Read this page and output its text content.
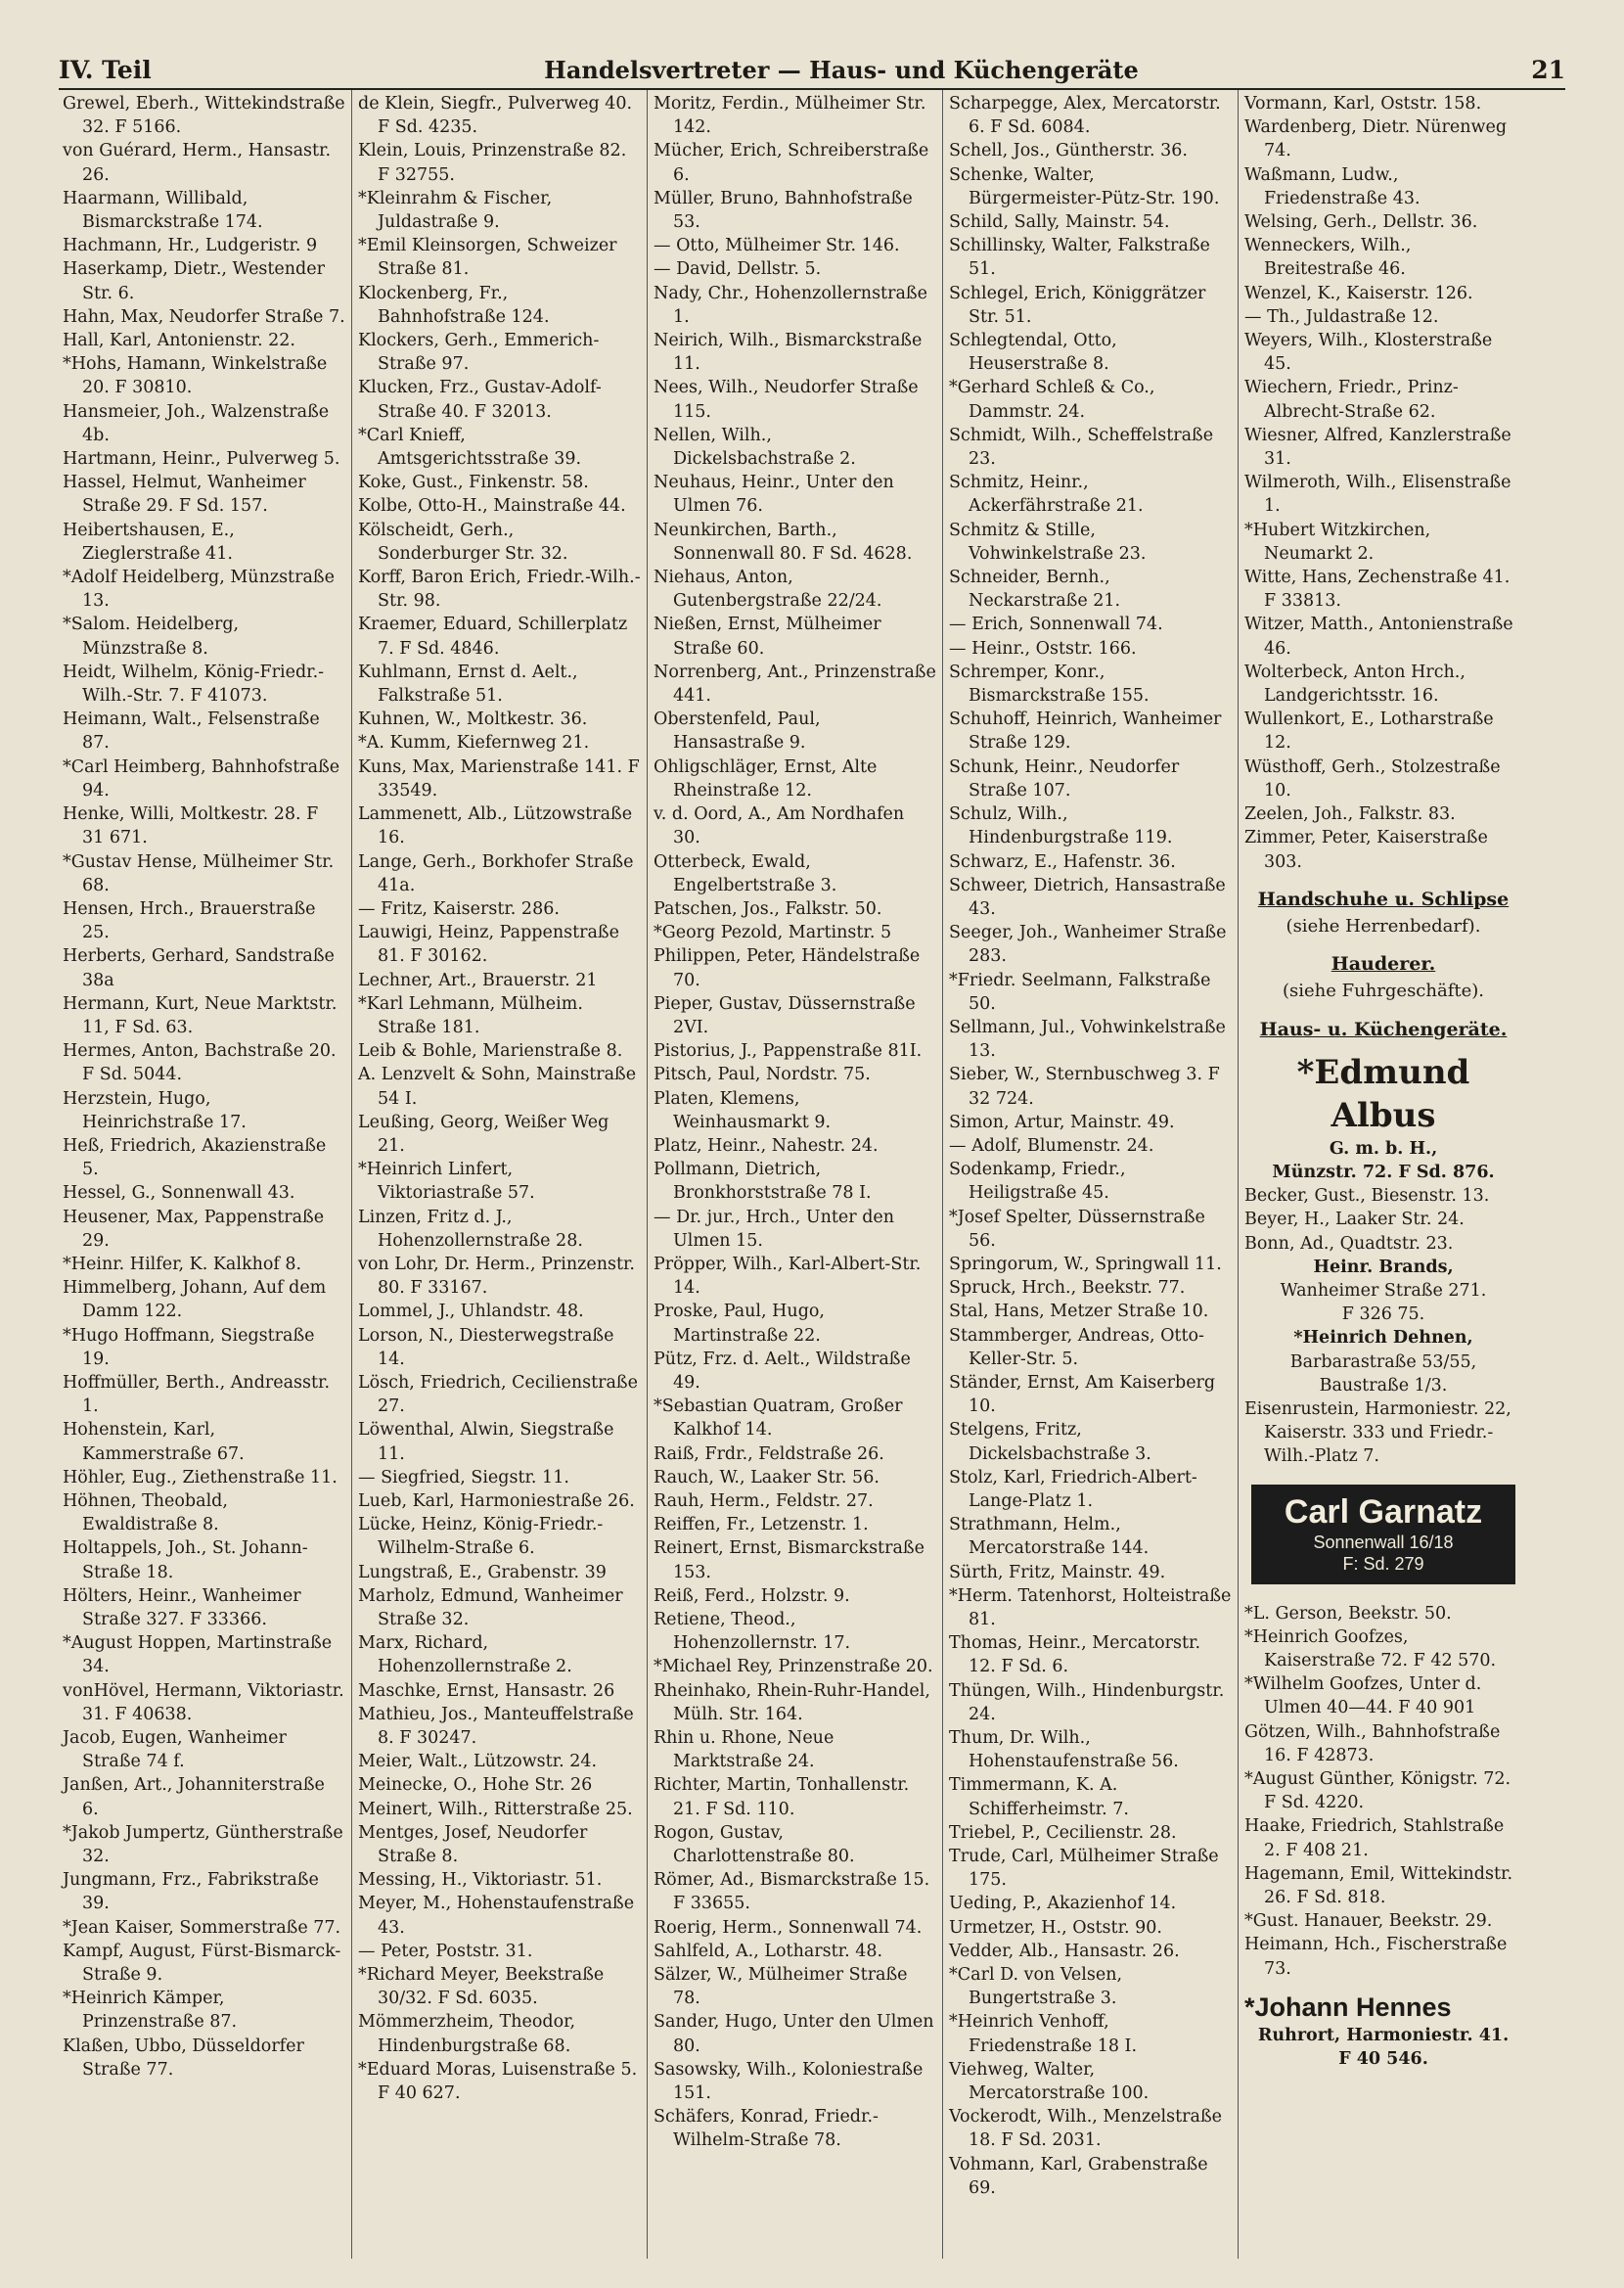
IV. Teil	Handelsvertreter — Haus- und Küchengeräte	21

Grewel, Eberh., Wittekindstraße 32. F 5166.

von Guérard, Herm., Hansastr. 26.

Haarmann, Willibald, Bismarckstraße 174.

Hachmann, Hr., Ludgeristr. 9

Haserkamp, Dietr., Westender Str. 6.

Hahn, Max, Neudorfer Straße 7.

Hall, Karl, Antonienstr. 22.

*Hohs, Hamann, Winkelstraße 20. F 30810.

Hansmeier, Joh., Walzenstraße 4b.

Hartmann, Heinr., Pulverweg 5.

Hassel, Helmut, Wanheimer Straße 29. F Sd. 157.

Heibertshausen, E., Zieglerstraße 41.

*Adolf Heidelberg, Münzstraße 13.

*Salom. Heidelberg, Münzstraße 8.

Heidt, Wilhelm, König-Friedr.-Wilh.-Str. 7. F 41073.

Heimann, Walt., Felsenstraße 87.

*Carl Heimberg, Bahnhofstraße 94.

Henke, Willi, Moltkestr. 28. F 31 671.

*Gustav Hense, Mülheimer Str. 68.

Hensen, Hrch., Brauerstraße 25.

Herberts, Gerhard, Sandstraße 38a

Hermann, Kurt, Neue Marktstr. 11, F Sd. 63.

Hermes, Anton, Bachstraße 20. F Sd. 5044.

Herzstein, Hugo, Heinrichstraße 17.

Heß, Friedrich, Akazienstraße 5.

Hessel, G., Sonnenwall 43.

Heusener, Max, Pappenstraße 29.

*Heinr. Hilfer, K. Kalkhof 8.

Himmelberg, Johann, Auf dem Damm 122.

*Hugo Hoffmann, Siegstraße 19.

Hoffmüller, Berth., Andreasstr. 1.

Hohenstein, Karl, Kammerstraße 67.

Höhler, Eug., Ziethenstraße 11.

Höhnen, Theobald, Ewaldistraße 8.

Holtappels, Joh., St. Johann-Straße 18.

Hölters, Heinr., Wanheimer Straße 327. F 33366.

*August Hoppen, Martinstraße 34.

vonHövel, Hermann, Viktoriastr. 31. F 40638.

Jacob, Eugen, Wanheimer Straße 74 f.

Janßen, Art., Johanniterstraße 6.

*Jakob Jumpertz, Güntherstraße 32.

Jungmann, Frz., Fabrikstraße 39.

*Jean Kaiser, Sommerstraße 77.

Kampf, August, Fürst-Bismarck-Straße 9.

*Heinrich Kämper, Prinzenstraße 87.

Klaßen, Ubbo, Düsseldorfer Straße 77.

de Klein, Siegfr., Pulverweg 40. F Sd. 4235.

Klein, Louis, Prinzenstraße 82. F 32755.

*Kleinrahm & Fischer, Juldastraße 9.

*Emil Kleinsorgen, Schweizer Straße 81.

Klockenberg, Fr., Bahnhofstraße 124.

Klockers, Gerh., Emmerich-Straße 97.

Klucken, Frz., Gustav-Adolf-Straße 40. F 32013.

*Carl Knieff, Amtsgerichtsstraße 39.

Koke, Gust., Finkenstr. 58.

Kolbe, Otto-H., Mainstraße 44.

Kölscheidt, Gerh., Sonderburger Str. 32.

Korff, Baron Erich, Friedr.-Wilh.- Str. 98.

Kraemer, Eduard, Schillerplatz 7. F Sd. 4846.

Kuhlmann, Ernst d. Aelt., Falkstraße 51.

Kuhnen, W., Moltkestr. 36.

*A. Kumm, Kiefernweg 21.

Kuns, Max, Marienstraße 141. F 33549.

Lammenett, Alb., Lützowstraße 16.

Lange, Gerh., Borkhofer Straße 41a.

— Fritz, Kaiserstr. 286.

Lauwigi, Heinz, Pappenstraße 81. F 30162.

Lechner, Art., Brauerstr. 21

*Karl Lehmann, Mülheim. Straße 181.

Leib & Bohle, Marienstraße 8.

A. Lenzvelt & Sohn, Mainstraße 54 I.

Leußing, Georg, Weißer Weg 21.

*Heinrich Linfert, Viktoriastraße 57.

Linzen, Fritz d. J., Hohenzollernstraße 28.

von Lohr, Dr. Herm., Prinzenstr. 80. F 33167.

Lommel, J., Uhlandstr. 48.

Lorson, N., Diesterwegstraße 14.

Lösch, Friedrich, Cecilienstraße 27.

Löwenthal, Alwin, Siegstraße 11.

— Siegfried, Siegstr. 11.

Lueb, Karl, Harmoniestraße 26.

Lücke, Heinz, König-Friedr.-Wilhelm-Straße 6.

Lungstraß, E., Grabenstr. 39

Marholz, Edmund, Wanheimer Straße 32.

Marx, Richard, Hohenzollernstraße 2.

Maschke, Ernst, Hansastr. 26

Mathieu, Jos., Manteuffelstraße 8. F 30247.

Meier, Walt., Lützowstr. 24.

Meinecke, O., Hohe Str. 26

Meinert, Wilh., Ritterstraße 25.

Mentges, Josef, Neudorfer Straße 8.

Messing, H., Viktoriastr. 51.

Meyer, M., Hohenstaufenstraße 43.

— Peter, Poststr. 31.

*Richard Meyer, Beekstraße 30/32. F Sd. 6035.

Mömmerzheim, Theodor, Hindenburgstraße 68.

*Eduard Moras, Luisenstraße 5. F 40 627.

Moritz, Ferdin., Mülheimer Str. 142.

Mücher, Erich, Schreiberstraße 6.

Müller, Bruno, Bahnhofstraße 53.

— Otto, Mülheimer Str. 146.

— David, Dellstr. 5.

Nady, Chr., Hohenzollernstraße 1.

Neirich, Wilh., Bismarckstraße 11.

Nees, Wilh., Neudorfer Straße 115.

Nellen, Wilh., Dickelsbachstraße 2.

Neuhaus, Heinr., Unter den Ulmen 76.

Neunkirchen, Barth., Sonnenwall 80. F Sd. 4628.

Niehaus, Anton, Gutenbergstraße 22/24.

Nießen, Ernst, Mülheimer Straße 60.

Norrenberg, Ant., Prinzenstraße 441.

Oberstenfeld, Paul, Hansastraße 9.

Ohligschläger, Ernst, Alte Rheinstraße 12.

v. d. Oord, A., Am Nordhafen 30.

Otterbeck, Ewald, Engelbertstraße 3.

Patschen, Jos., Falkstr. 50.

*Georg Pezold, Martinstr. 5

Philippen, Peter, Händelstraße 70.

Pieper, Gustav, Düssernstraße 2VI.

Pistorius, J., Pappenstraße 81I.

Pitsch, Paul, Nordstr. 75.

Platen, Klemens, Weinhausmarkt 9.

Platz, Heinr., Nahestr. 24.

Pollmann, Dietrich, Bronkhorststraße 78 I.

— Dr. jur., Hrch., Unter den Ulmen 15.

Pröpper, Wilh., Karl-Albert-Str. 14.

Proske, Paul, Hugo, Martinstraße 22.

Pütz, Frz. d. Aelt., Wildstraße 49.

*Sebastian Quatram, Großer Kalkhof 14.

Raiß, Frdr., Feldstraße 26.

Rauch, W., Laaker Str. 56.

Rauh, Herm., Feldstr. 27.

Reiffen, Fr., Letzenstr. 1.

Reinert, Ernst, Bismarckstraße 153.

Reiß, Ferd., Holzstr. 9.

Retiene, Theod., Hohenzollernstr. 17.

*Michael Rey, Prinzenstraße 20.

Rheinhako, Rhein-Ruhr-Handel, Mülh. Str. 164.

Rhin u. Rhone, Neue Marktstraße 24.

Richter, Martin, Tonhallenstr. 21. F Sd. 110.

Rogon, Gustav, Charlottenstraße 80.

Römer, Ad., Bismarckstraße 15. F 33655.

Roerig, Herm., Sonnenwall 74.

Sahlfeld, A., Lotharstr. 48.

Sälzer, W., Mülheimer Straße 78.

Sander, Hugo, Unter den Ulmen 80.

Sasowsky, Wilh., Koloniestraße 151.

Schäfers, Konrad, Friedr.-Wilhelm-Straße 78.

Scharpegge, Alex, Mercatorstr. 6. F Sd. 6084.

Schell, Jos., Güntherstr. 36.

Schenke, Walter, Bürgermeister-Pütz-Str. 190.

Schild, Sally, Mainstr. 54.

Schillinsky, Walter, Falkstraße 51.

Schlegel, Erich, Königgrätzer Str. 51.

Schlegtendal, Otto, Heuserstraße 8.

*Gerhard Schleß & Co., Dammstr. 24.

Schmidt, Wilh., Scheffelstraße 23.

Schmitz, Heinr., Ackerfährstraße 21.

Schmitz & Stille, Vohwinkelstraße 23.

Schneider, Bernh., Neckarstraße 21.

— Erich, Sonnenwall 74.

— Heinr., Oststr. 166.

Schremper, Konr., Bismarckstraße 155.

Schuhoff, Heinrich, Wanheimer Straße 129.

Schunk, Heinr., Neudorfer Straße 107.

Schulz, Wilh., Hindenburgstraße 119.

Schwarz, E., Hafenstr. 36.

Schweer, Dietrich, Hansastraße 43.

Seeger, Joh., Wanheimer Straße 283.

*Friedr. Seelmann, Falkstraße 50.

Sellmann, Jul., Vohwinkelstraße 13.

Sieber, W., Sternbuschweg 3. F 32 724.

Simon, Artur, Mainstr. 49.

— Adolf, Blumenstr. 24.

Sodenkamp, Friedr., Heiligstraße 45.

*Josef Spelter, Düssernstraße 56.

Springorum, W., Springwall 11.

Spruck, Hrch., Beekstr. 77.

Stal, Hans, Metzer Straße 10.

Stammberger, Andreas, Otto-Keller-Str. 5.

Ständer, Ernst, Am Kaiserberg 10.

Stelgens, Fritz, Dickelsbachstraße 3.

Stolz, Karl, Friedrich-Albert-Lange-Platz 1.

Strathmann, Helm., Mercatorstraße 144.

Sürth, Fritz, Mainstr. 49.

*Herm. Tatenhorst, Holteistraße 81.

Thomas, Heinr., Mercatorstr. 12. F Sd. 6.

Thüngen, Wilh., Hindenburgstr. 24.

Thum, Dr. Wilh., Hohenstaufenstraße 56.

Timmermann, K. A. Schifferheimstr. 7.

Triebel, P., Cecilienstr. 28.

Trude, Carl, Mülheimer Straße 175.

Ueding, P., Akazienhof 14.

Urmetzer, H., Oststr. 90.

Vedder, Alb., Hansastr. 26.

*Carl D. von Velsen, Bungertstraße 3.

*Heinrich Venhoff, Friedenstraße 18 I.

Viehweg, Walter, Mercatorstraße 100.

Vockerodt, Wilh., Menzelstraße 18. F Sd. 2031.

Vohmann, Karl, Grabenstraße 69.

Vormann, Karl, Oststr. 158.

Wardenberg, Dietr. Nürenweg 74.

Waßmann, Ludw., Friedenstraße 43.

Welsing, Gerh., Dellstr. 36.

Wenneckers, Wilh., Breitestraße 46.

Wenzel, K., Kaiserstr. 126.

— Th., Juldastraße 12.

Weyers, Wilh., Klosterstraße 45.

Wiechern, Friedr., Prinz-Albrecht-Straße 62.

Wiesner, Alfred, Kanzlerstraße 31.

Wilmeroth, Wilh., Elisenstraße 1.

*Hubert Witzkirchen, Neumarkt 2.

Witte, Hans, Zechenstraße 41. F 33813.

Witzer, Matth., Antonienstraße 46.

Wolterbeck, Anton Hrch., Landgerichtsstr. 16.

Wullenkort, E., Lotharstraße 12.

Wüsthoff, Gerh., Stolzestraße 10.

Zeelen, Joh., Falkstr. 83.

Zimmer, Peter, Kaiserstraße 303.

Handschuhe u. Schlipse

(siehe Herrenbedarf).

Hauderer.

(siehe Fuhrgeschäfte).

Haus- u. Küchengeräte.
*Edmund Albus

G. m. b. H.,

Münzstr. 72. F Sd. 876.

Becker, Gust., Biesenstr. 13.

Beyer, H., Laaker Str. 24.

Bonn, Ad., Quadtstr. 23.

Heinr. Brands,

Wanheimer Straße 271.

F 326 75.

*Heinrich Dehnen,

Barbarastraße 53/55,

Baustraße 1/3.

Eisenrustein, Harmoniestr. 22, Kaiserstr. 333 und Friedr.-Wilh.-Platz 7.

Carl Garnatz
Sonnenwall 16/18
F: Sd. 279

*L. Gerson, Beekstr. 50.

*Heinrich Goofzes, Kaiserstraße 72. F 42 570.

*Wilhelm Goofzes, Unter d. Ulmen 40—44. F 40 901

Götzen, Wilh., Bahnhofstraße 16. F 42873.

*August Günther, Königstr. 72. F Sd. 4220.

Haake, Friedrich, Stahlstraße 2. F 408 21.

Hagemann, Emil, Wittekindstr. 26. F Sd. 818.

*Gust. Hanauer, Beekstr. 29.

Heimann, Hch., Fischerstraße 73.

*Johann Hennes

Ruhrort, Harmoniestr. 41.

F 40 546.
